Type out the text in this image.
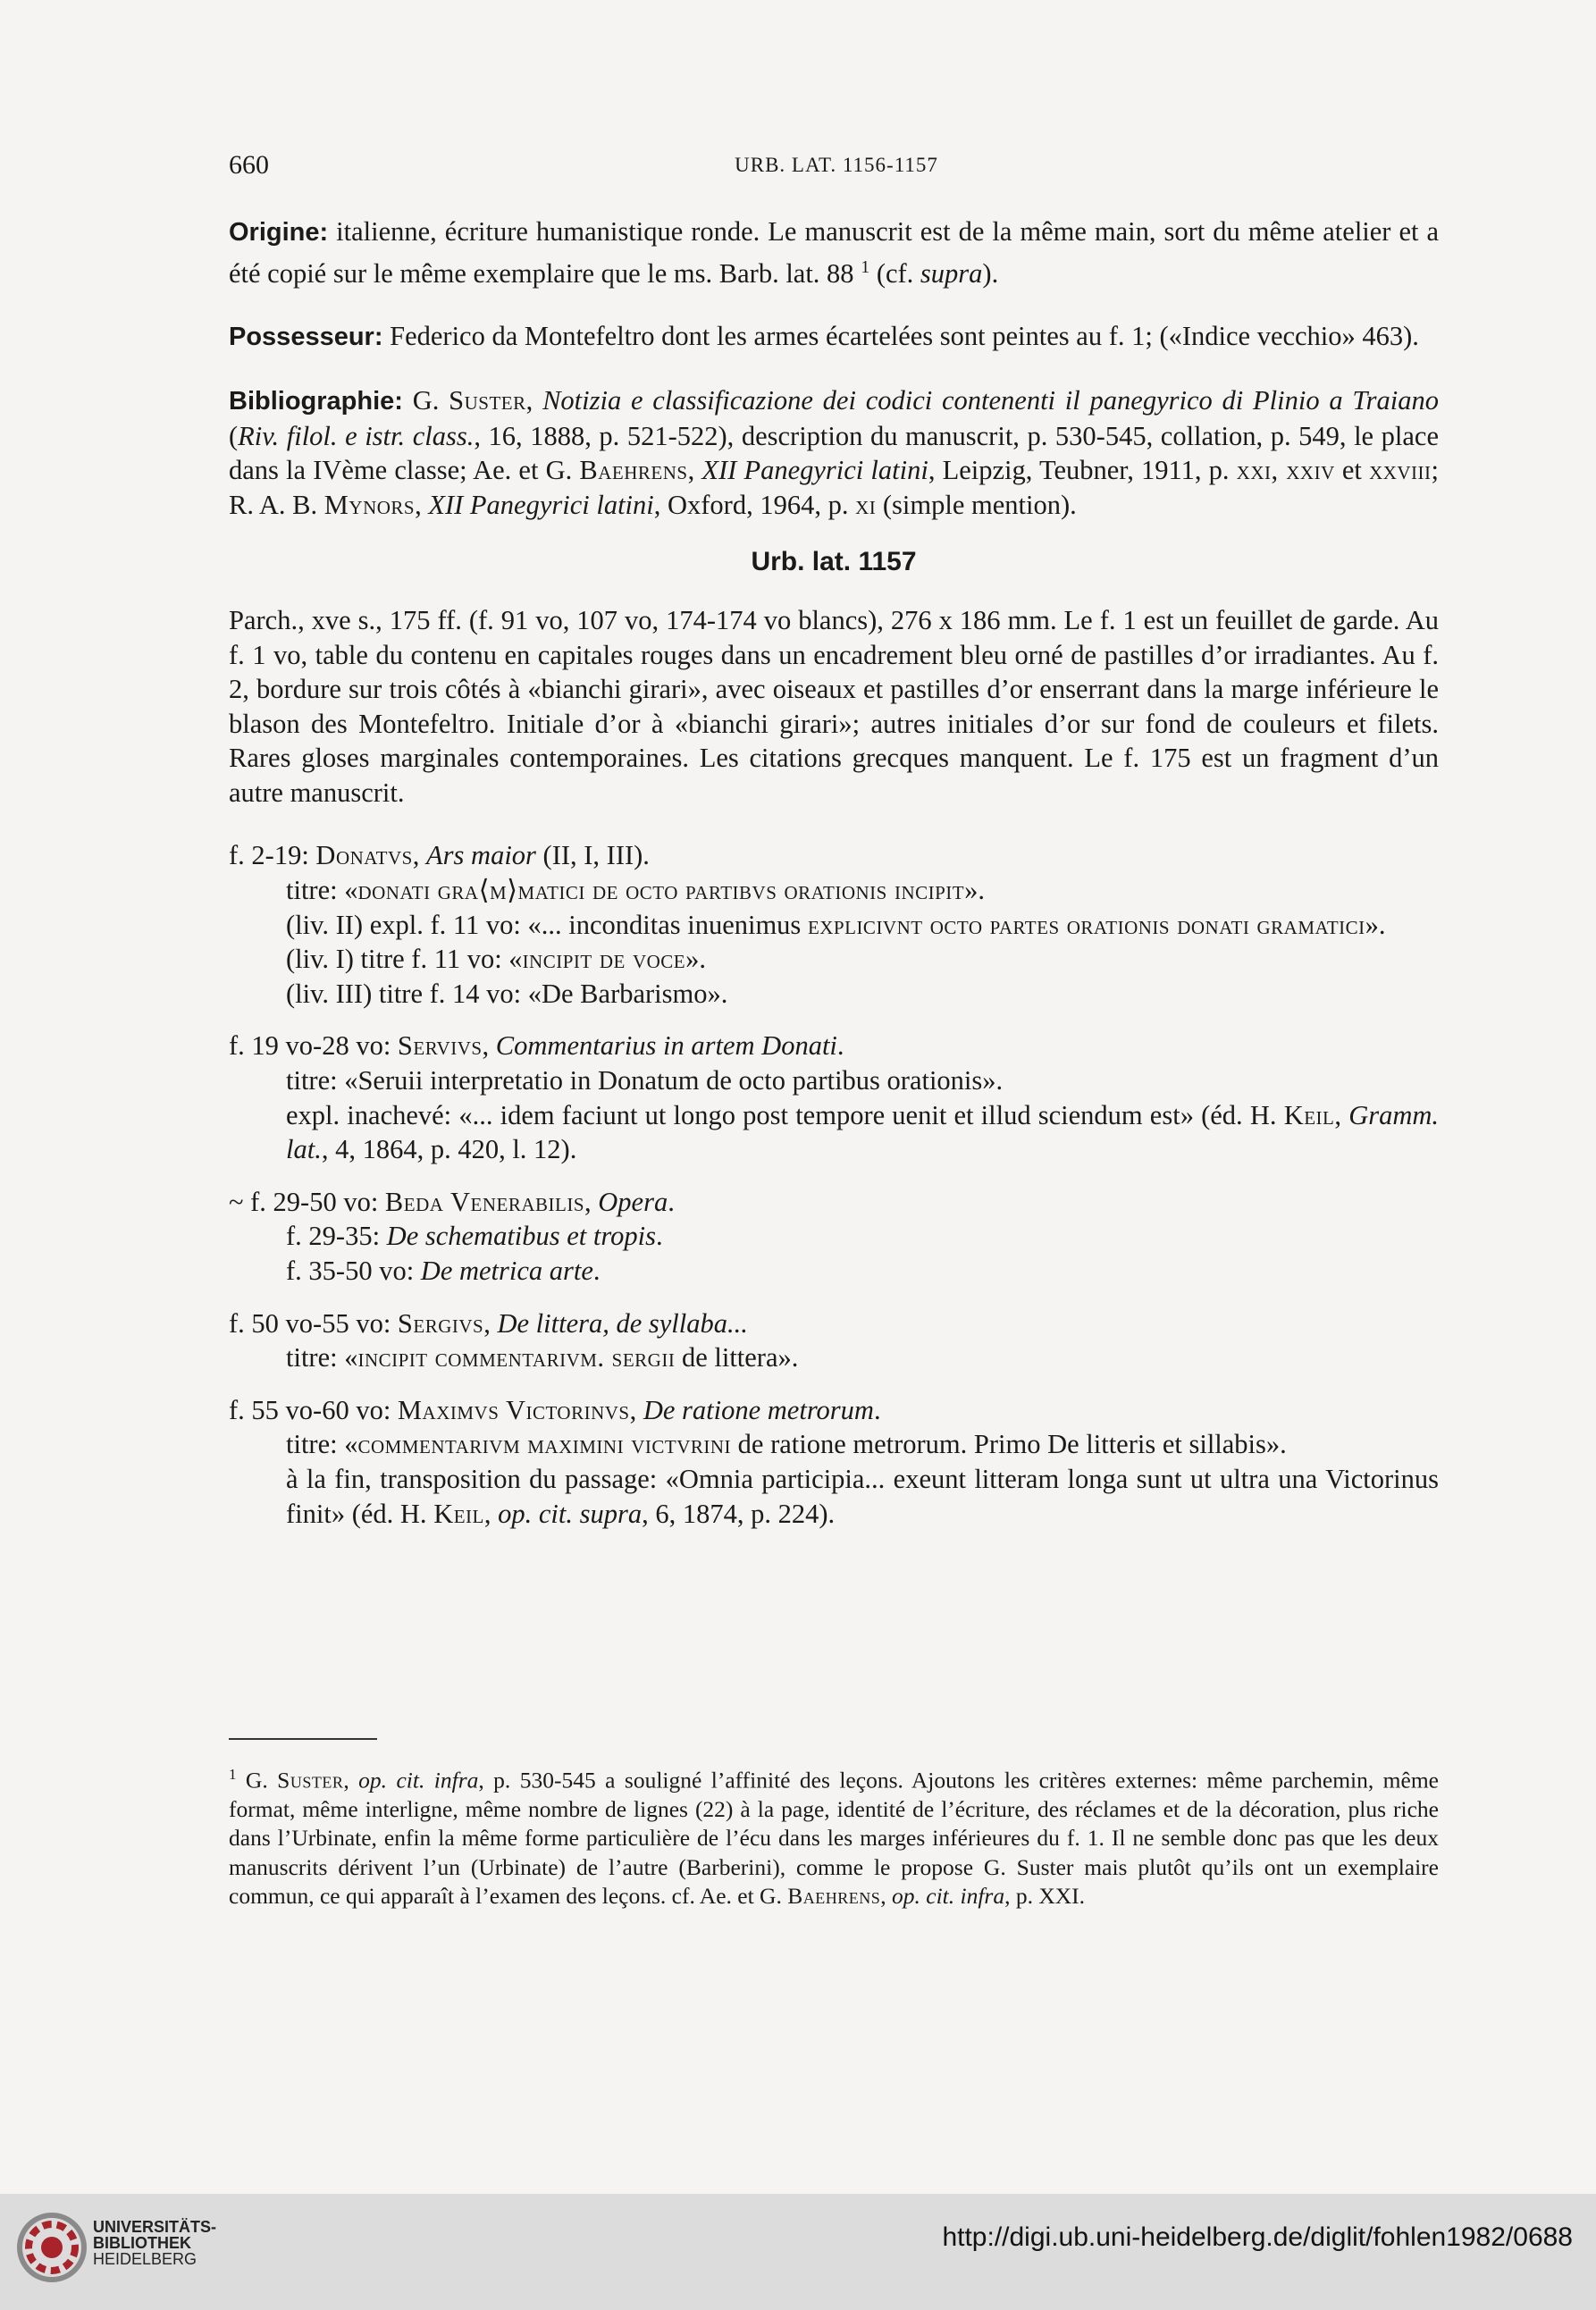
660	URB. LAT. 1156-1157

Origine: italienne, écriture humanistique ronde. Le manuscrit est de la même main, sort du même atelier et a été copié sur le même exemplaire que le ms. Barb. lat. 88 $^1$ (cf. supra).

Possesseur: Federico da Montefeltro dont les armes écartelées sont peintes au f. 1; («Indice vecchio» 463).

Bibliographie: G. Suster, Notizia e classificazione dei codici contenenti il panegyrico di Plinio a Traiano (Riv. filol. e istr. class., 16, 1888, p. 521-522), description du manuscrit, p. 530-545, collation, p. 549, le place dans la IVème classe; Ae. et G. Baehrens, XII Panegyrici latini, Leipzig, Teubner, 1911, p. xxi, xxiv et xxviii; R. A. B. Mynors, XII Panegyrici latini, Oxford, 1964, p. xi (simple mention).

Urb. lat. 1157

Parch., xve s., 175 ff. (f. 91 vo, 107 vo, 174-174 vo blancs), 276 x 186 mm. Le f. 1 est un feuillet de garde. Au f. 1 vo, table du contenu en capitales rouges dans un encadrement bleu orné de pastilles d’or irradiantes. Au f. 2, bordure sur trois côtés à «bianchi girari», avec oiseaux et pastilles d’or enserrant dans la marge inférieure le blason des Montefeltro. Initiale d’or à «bianchi girari»; autres initiales d’or sur fond de couleurs et filets. Rares gloses marginales contemporaines. Les citations grecques manquent. Le f. 175 est un fragment d’un autre manuscrit.

f. 2-19: Donatvs, Ars maior (II, I, III).

titre: «donati gra⟨m⟩matici de octo partibvs orationis incipit».

(liv. II) expl. f. 11 vo: «... inconditas inuenimus explicivnt octo partes orationis donati gramatici».

(liv. I) titre f. 11 vo: «incipit de voce».

(liv. III) titre f. 14 vo: «De Barbarismo».

f. 19 vo-28 vo: Servivs, Commentarius in artem Donati.

titre: «Seruii interpretatio in Donatum de octo partibus orationis».

expl. inachevé: «... idem faciunt ut longo post tempore uenit et illud sciendum est» (éd. H. Keil, Gramm. lat., 4, 1864, p. 420, l. 12).

~ f. 29-50 vo: Beda Venerabilis, Opera.

f. 29-35: De schematibus et tropis.

f. 35-50 vo: De metrica arte.

f. 50 vo-55 vo: Sergivs, De littera, de syllaba...

titre: «incipit commentarivm. sergii de littera».

f. 55 vo-60 vo: Maximvs Victorinvs, De ratione metrorum.

titre: «commentarivm maximini victvrini de ratione metrorum. Primo De litteris et sillabis».

à la fin, transposition du passage: «Omnia participia... exeunt litteram longa sunt ut ultra una Victorinus finit» (éd. H. Keil, op. cit. supra, 6, 1874, p. 224).

$^1$ G. Suster, op. cit. infra, p. 530-545 a souligné l’affinité des leçons. Ajoutons les critères externes: même parchemin, même format, même interligne, même nombre de lignes (22) à la page, identité de l’écriture, des réclames et de la décoration, plus riche dans l’Urbinate, enfin la même forme particulière de l’écu dans les marges inférieures du f. 1. Il ne semble donc pas que les deux manuscrits dérivent l’un (Urbinate) de l’autre (Barberini), comme le propose G. Suster mais plutôt qu’ils ont un exemplaire commun, ce qui apparaît à l’examen des leçons. cf. Ae. et G. Baehrens, op. cit. infra, p. XXI.

UNIVERSITÄTS-
BIBLIOTHEK
HEIDELBERG
http://digi.ub.uni-heidelberg.de/diglit/fohlen1982/0688
